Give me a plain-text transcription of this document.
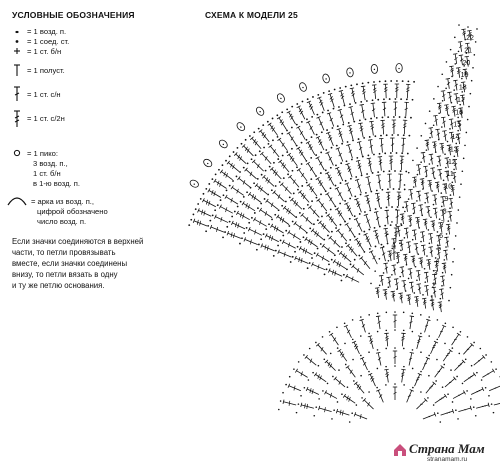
УСЛОВНЫЕ ОБОЗНАЧЕНИЯ
= 1 возд. п.
= 1 соед. ст.
= 1 ст. б/н
= 1 полуст.
= 1 ст. с/н
= 1 ст. с/2н
= 1 пико:
3 возд. п.,
1 ст. б/н
в 1-ю возд. п.
= арка из возд. п.,
цифрой обозначено
число возд. п.
Если значки соединяются в верхней
части, то петли провязывать
вместе, если значки соединены
внизу, то петли вязать в одну
и ту же петлю основания.
СХЕМА К МОДЕЛИ 25
22
21
20
19
18
17
16
15
14
13
12
11
10
9
8
7
6
5
4
3
2
1
Страна Мам
stranamam.ru
